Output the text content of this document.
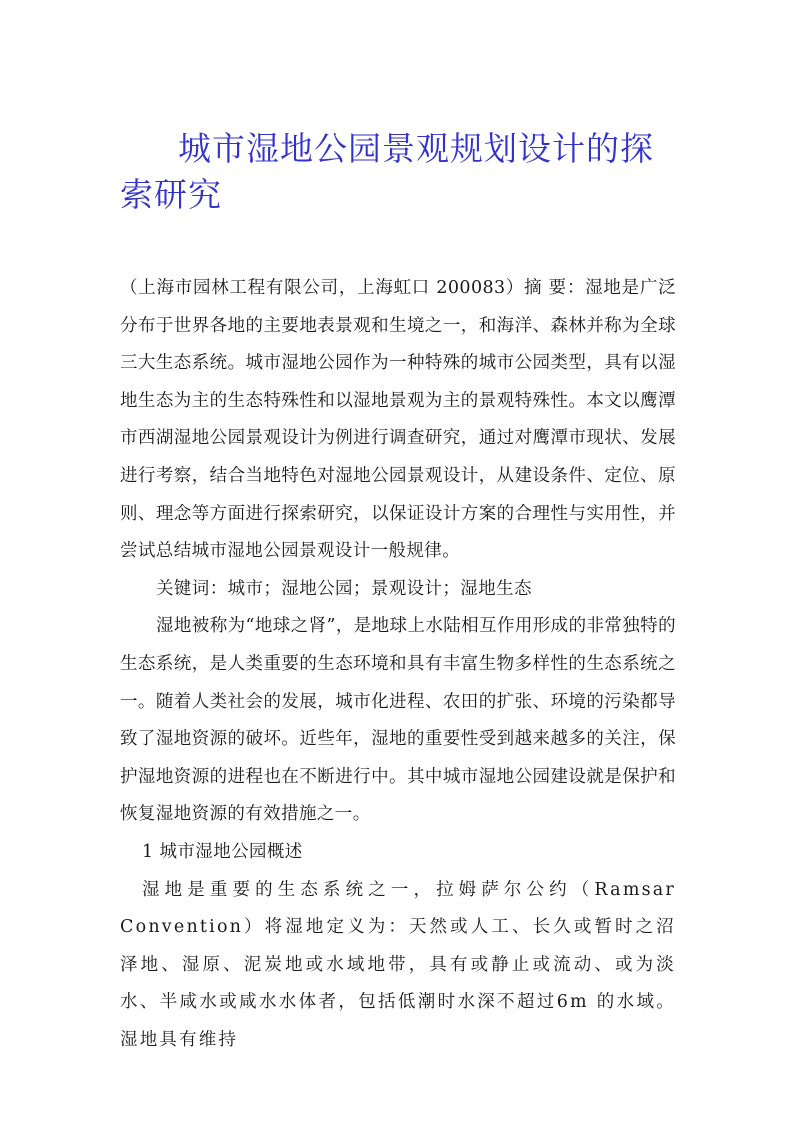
城市湿地公园景观规划设计的探索研究

（上海市园林工程有限公司，上海虹口 200083）摘 要：湿地是广泛分布于世界各地的主要地表景观和生境之一，和海洋、森林并称为全球三大生态系统。城市湿地公园作为一种特殊的城市公园类型，具有以湿地生态为主的生态特殊性和以湿地景观为主的景观特殊性。本文以鹰潭市西湖湿地公园景观设计为例进行调查研究，通过对鹰潭市现状、发展进行考察，结合当地特色对湿地公园景观设计，从建设条件、定位、原则、理念等方面进行探索研究，以保证设计方案的合理性与实用性，并尝试总结城市湿地公园景观设计一般规律。

关键词：城市；湿地公园；景观设计；湿地生态

湿地被称为“地球之肾”，是地球上水陆相互作用形成的非常独特的生态系统，是人类重要的生态环境和具有丰富生物多样性的生态系统之一。随着人类社会的发展，城市化进程、农田的扩张、环境的污染都导致了湿地资源的破坏。近些年，湿地的重要性受到越来越多的关注，保护湿地资源的进程也在不断进行中。其中城市湿地公园建设就是保护和恢复湿地资源的有效措施之一。

1 城市湿地公园概述

湿地是重要的生态系统之一，拉姆萨尔公约（Ramsar Convention）将湿地定义为：天然或人工、长久或暂时之沼泽地、湿原、泥炭地或水域地带，具有或静止或流动、或为淡水、半咸水或咸水水体者，包括低潮时水深不超过6m 的水域。湿地具有维持
